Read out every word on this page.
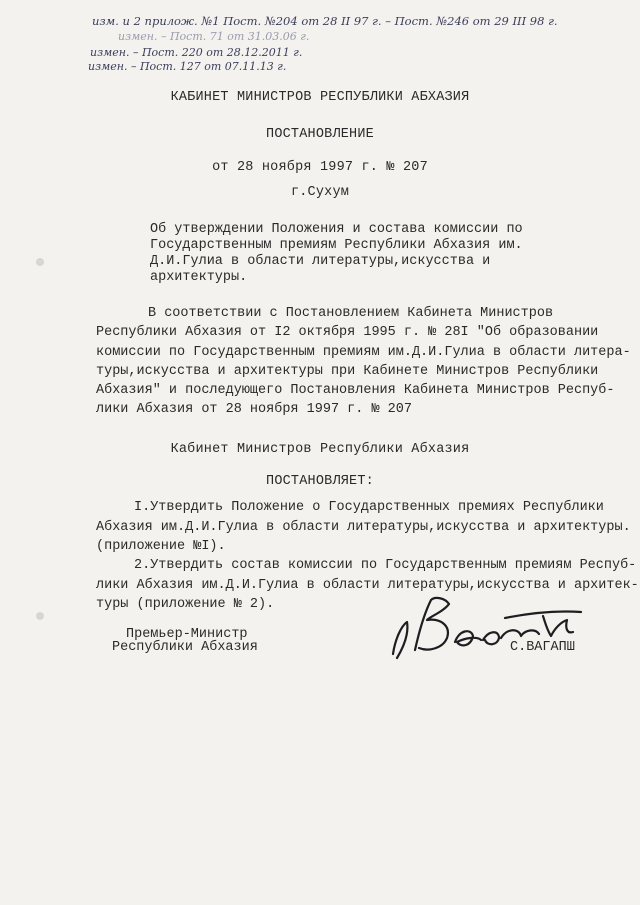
изм. и 2 прилож. №1 Пост. №204 от 28 II 97 г. – Пост. №246 от 29 III 98 г.
измен. – Пост. 71 от 31.03.06 г.
измен. – Пост. 220 от 28.12.2011 г.
измен. – Пост. 127 от 07.11.13 г.
КАБИНЕТ МИНИСТРОВ РЕСПУБЛИКИ АБХАЗИЯ
ПОСТАНОВЛЕНИЕ
от 28 ноября 1997 г. № 207
г.Сухум
Об утверждении Положения и состава комиссии по
Государственным премиям Республики Абхазия им.
Д.И.Гулиа в области литературы,искусства и
архитектуры.
В соответствии с Постановлением Кабинета Министров
Республики Абхазия от I2 октября 1995 г. № 28I "Об образовании
комиссии по Государственным премиям им.Д.И.Гулиа в области литера-
туры,искусства и архитектуры при Кабинете Министров Республики
Абхазия" и последующего Постановления Кабинета Министров Респуб-
лики Абхазия от 28 ноября 1997 г. № 207
Кабинет Министров Республики Абхазия
ПОСТАНОВЛЯЕТ:
I.Утвердить Положение о Государственных премиях Республики
Абхазия им.Д.И.Гулиа в области литературы,искусства и архитектуры.
(приложение №I).
2.Утвердить состав комиссии по Государственным премиям Респуб-
лики Абхазия им.Д.И.Гулиа в области литературы,искусства и архитек-
туры (приложение № 2).
Премьер-Министр
Республики Абхазия	С.ВАГАПШ
